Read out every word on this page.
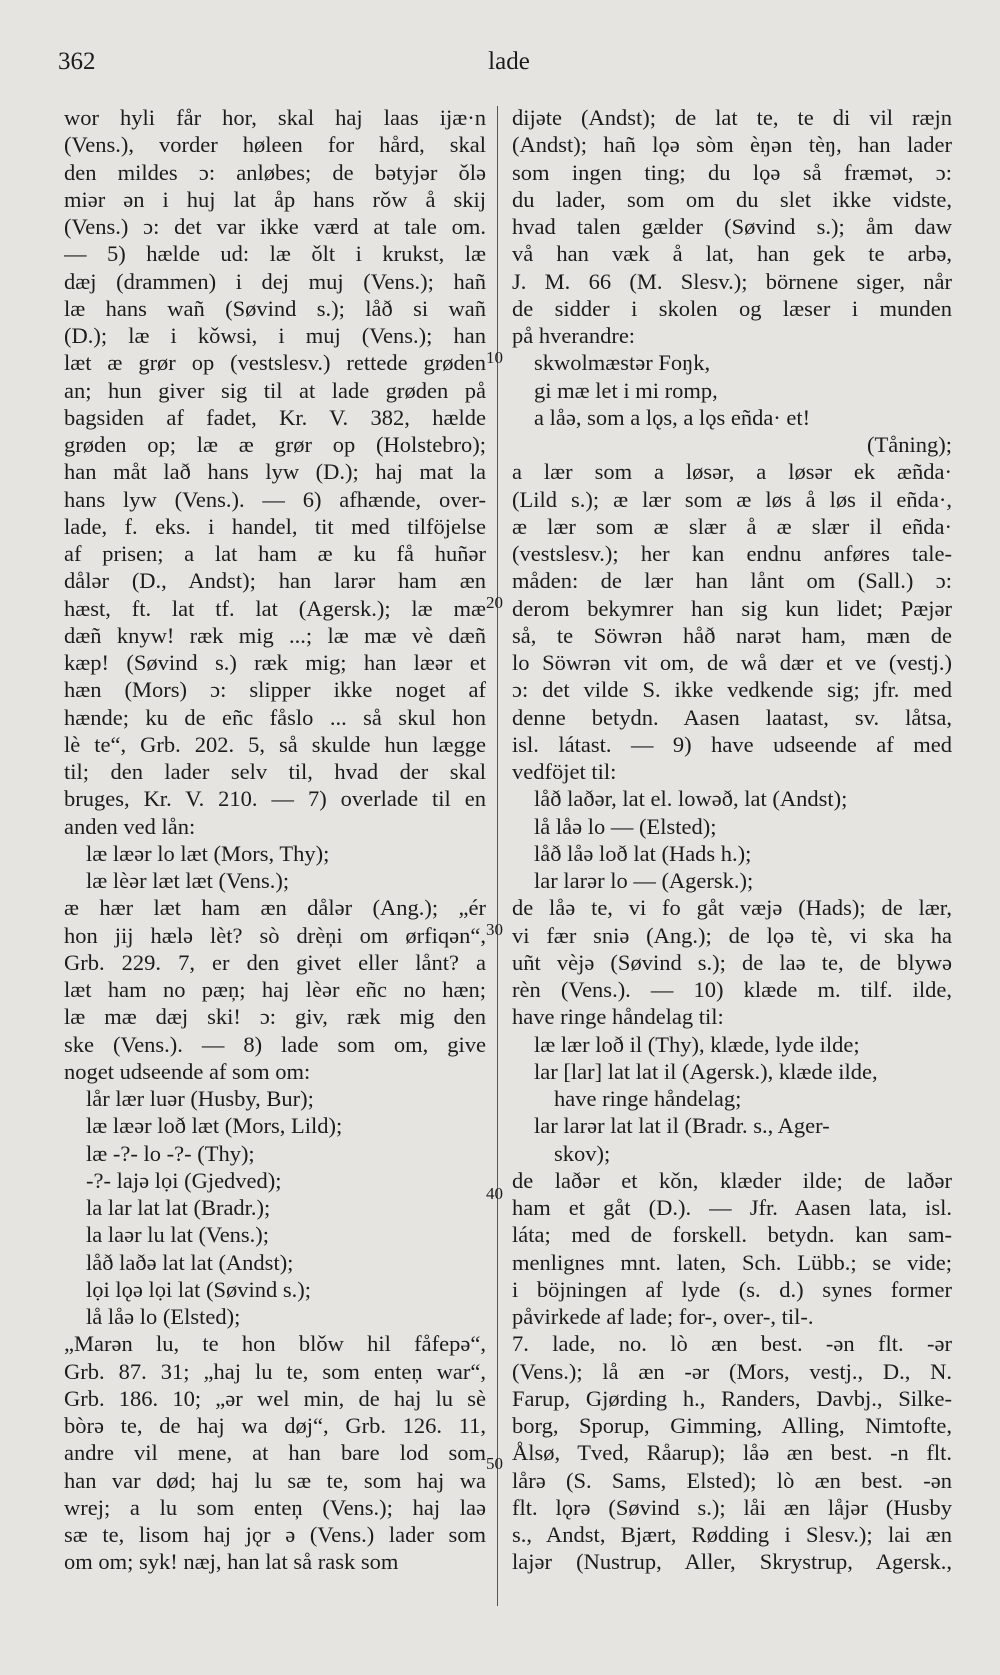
362	lade
wor hyli får hor, skal haj laas ijæ·n
(Vens.), vorder høleen for hård, skal
den mildes ɔ: anløbes; de bətyjər ǒlə
miər ən i huj lat åp hans rǒw å skij
(Vens.) ɔ: det var ikke værd at tale om.
— 5) hælde ud: læ ǒlt i krukst, læ
dæj (drammen) i dej muj (Vens.); hañ
læ hans wañ (Søvind s.); låð si wañ
(D.); læ i kǒwsi, i muj (Vens.); han
læt æ grør op (vestslesv.) rettede grøden
an; hun giver sig til at lade grøden på
bagsiden af fadet, Kr. V. 382, hælde
grøden op; læ æ grør op (Holstebro);
han måt lað hans lyw (D.); haj mat la
hans lyw (Vens.). — 6) afhænde, over-
lade, f. eks. i handel, tit med tilföjelse
af prisen; a lat ham æ ku få huñər
dålər (D., Andst); han larər ham æn
hæst, ft. lat tf. lat (Agersk.); læ mæ
dæñ knyw! ræk mig ...; læ mæ vè dæñ
kæp! (Søvind s.) ræk mig; han læər et
hæn (Mors) ɔ: slipper ikke noget af
hænde; ku de eñc fåslo ... så skul hon
lè te“, Grb. 202. 5, så skulde hun lægge
til; den lader selv til, hvad der skal
bruges, Kr. V. 210. — 7) overlade til en
anden ved lån:
læ læər lo læt (Mors, Thy);
læ lèər læt læt (Vens.);
æ hær læt ham æn dålər (Ang.); „ér
hon jij hælə lèt? sò drèņi om ørfiqən“,
Grb. 229. 7, er den givet eller lånt? a
læt ham no pæņ; haj lèər eñc no hæn;
læ mæ dæj ski! ɔ: giv, ræk mig den
ske (Vens.). — 8) lade som om, give
noget udseende af som om:
lår lær luər (Husby, Bur);
læ læər loð læt (Mors, Lild);
læ -?- lo -?- (Thy);
-?- lajə lọi (Gjedved);
la lar lat lat (Bradr.);
la laər lu lat (Vens.);
låð laðə lat lat (Andst);
lọi lǫə lọi lat (Søvind s.);
lå låə lo (Elsted);
„Marən lu, te hon blǒw hil fåfepə“,
Grb. 87. 31; „haj lu te, som enteņ war“,
Grb. 186. 10; „ər wel min, de haj lu sè
bòrə te, de haj wa døj“, Grb. 126. 11,
andre vil mene, at han bare lod som
han var død; haj lu sæ te, som haj wa
wrej; a lu som enteņ (Vens.); haj laə
sæ te, lisom haj jǫr ə (Vens.) lader som
om om; syk! næj, han lat så rask som
dijəte (Andst); de lat te, te di vil ræjn
(Andst); hañ lǫə sòm èŋən tèŋ, han lader
som ingen ting; du lǫə så fræmət, ɔ:
du lader, som om du slet ikke vidste,
hvad talen gælder (Søvind s.); åm daw
vå han væk å lat, han gek te arbə,
J. M. 66 (M. Slesv.); börnene siger, når
de sidder i skolen og læser i munden
på hverandre:
skwolmæstər Foŋk,
gi mæ let i mi romp,
a låə, som a lǫs, a lǫs eñda· et!
(Tåning);
a lær som a løsər, a løsər ek æñda·
(Lild s.); æ lær som æ løs å løs il eñda·,
æ lær som æ slær å æ slær il eñda·
(vestslesv.); her kan endnu anføres tale-
måden: de lær han lånt om (Sall.) ɔ:
derom bekymrer han sig kun lidet; Pæjər
så, te Söwrən håð narət ham, mæn de
lo Söwrən vit om, de wå dær et ve (vestj.)
ɔ: det vilde S. ikke vedkende sig; jfr. med
denne betydn. Aasen laatast, sv. låtsa,
isl. látast. — 9) have udseende af med
vedföjet til:
låð laðər, lat el. lowəð, lat (Andst);
lå låə lo — (Elsted);
låð låə loð lat (Hads h.);
lar larər lo — (Agersk.);
de låə te, vi fo gåt væjə (Hads); de lær,
vi fær sniə (Ang.); de lǫə tè, vi ska ha
uñt vèjə (Søvind s.); de laə te, de blywə
rèn (Vens.). — 10) klæde m. tilf. ilde,
have ringe håndelag til:
læ lær loð il (Thy), klæde, lyde ilde;
lar [lar] lat lat il (Agersk.), klæde ilde,
have ringe håndelag;
lar larər lat lat il (Bradr. s., Ager-
skov);
de laðər et kǒn, klæder ilde; de laðər
ham et gåt (D.). — Jfr. Aasen lata, isl.
láta; med de forskell. betydn. kan sam-
menlignes mnt. laten, Sch. Lübb.; se vide;
i böjningen af lyde (s. d.) synes former
påvirkede af lade; for-, over-, til-.
7. lade, no. lò æn best. -ən flt. -ər
(Vens.); lå æn -ər (Mors, vestj., D., N.
Farup, Gjørding h., Randers, Davbj., Silke-
borg, Sporup, Gimming, Alling, Nimtofte,
Ålsø, Tved, Råarup); låə æn best. -n flt.
lårə (S. Sams, Elsted); lò æn best. -ən
flt. lǫrə (Søvind s.); låi æn låjər (Husby
s., Andst, Bjært, Rødding i Slesv.); lai æn
lajər (Nustrup, Aller, Skrystrup, Agersk.,
10
20
30
40
50
